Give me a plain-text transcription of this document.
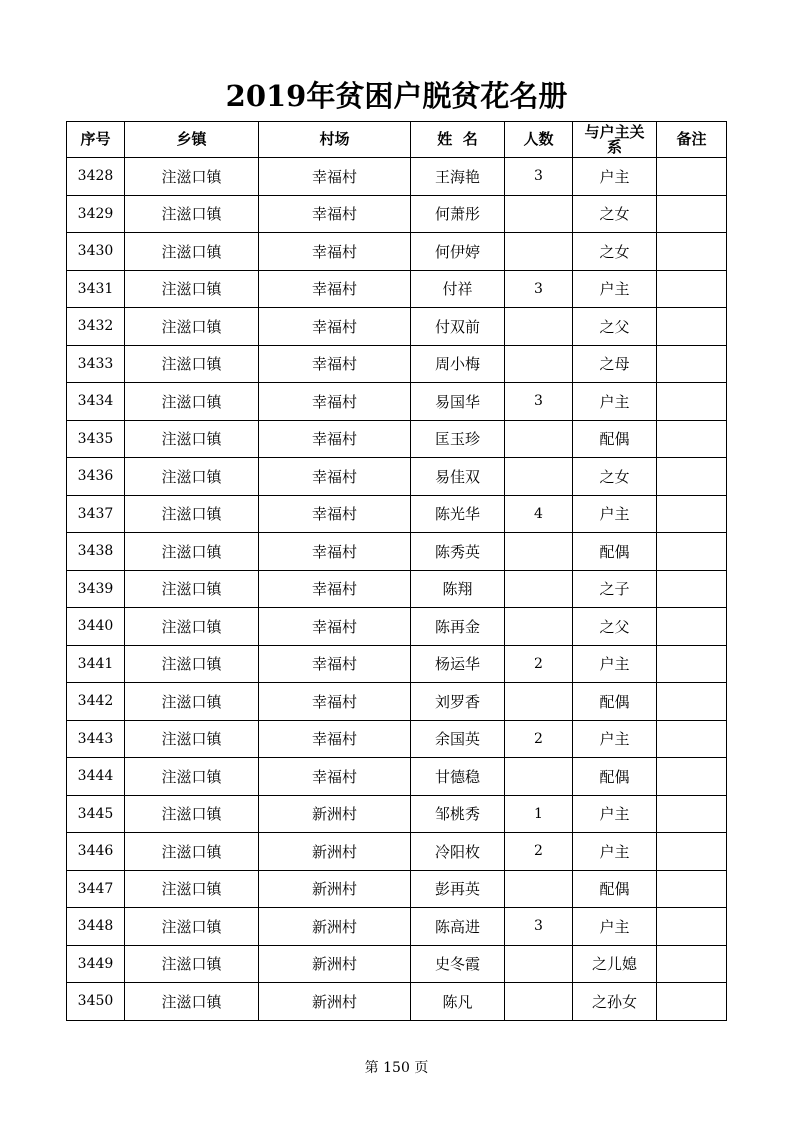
2019年贫困户脱贫花名册
序号	乡镇	村场	姓  名	人数	与户主关系	备注
3428	注滋口镇	幸福村	王海艳	3	户主	
3429	注滋口镇	幸福村	何萧彤		之女	
3430	注滋口镇	幸福村	何伊婷		之女	
3431	注滋口镇	幸福村	付祥	3	户主	
3432	注滋口镇	幸福村	付双前		之父	
3433	注滋口镇	幸福村	周小梅		之母	
3434	注滋口镇	幸福村	易国华	3	户主	
3435	注滋口镇	幸福村	匡玉珍		配偶	
3436	注滋口镇	幸福村	易佳双		之女	
3437	注滋口镇	幸福村	陈光华	4	户主	
3438	注滋口镇	幸福村	陈秀英		配偶	
3439	注滋口镇	幸福村	陈翔		之子	
3440	注滋口镇	幸福村	陈再金		之父	
3441	注滋口镇	幸福村	杨运华	2	户主	
3442	注滋口镇	幸福村	刘罗香		配偶	
3443	注滋口镇	幸福村	余国英	2	户主	
3444	注滋口镇	幸福村	甘德稳		配偶	
3445	注滋口镇	新洲村	邹桃秀	1	户主	
3446	注滋口镇	新洲村	冷阳枚	2	户主	
3447	注滋口镇	新洲村	彭再英		配偶	
3448	注滋口镇	新洲村	陈高进	3	户主	
3449	注滋口镇	新洲村	史冬霞		之儿媳	
3450	注滋口镇	新洲村	陈凡		之孙女	
第 150 页
